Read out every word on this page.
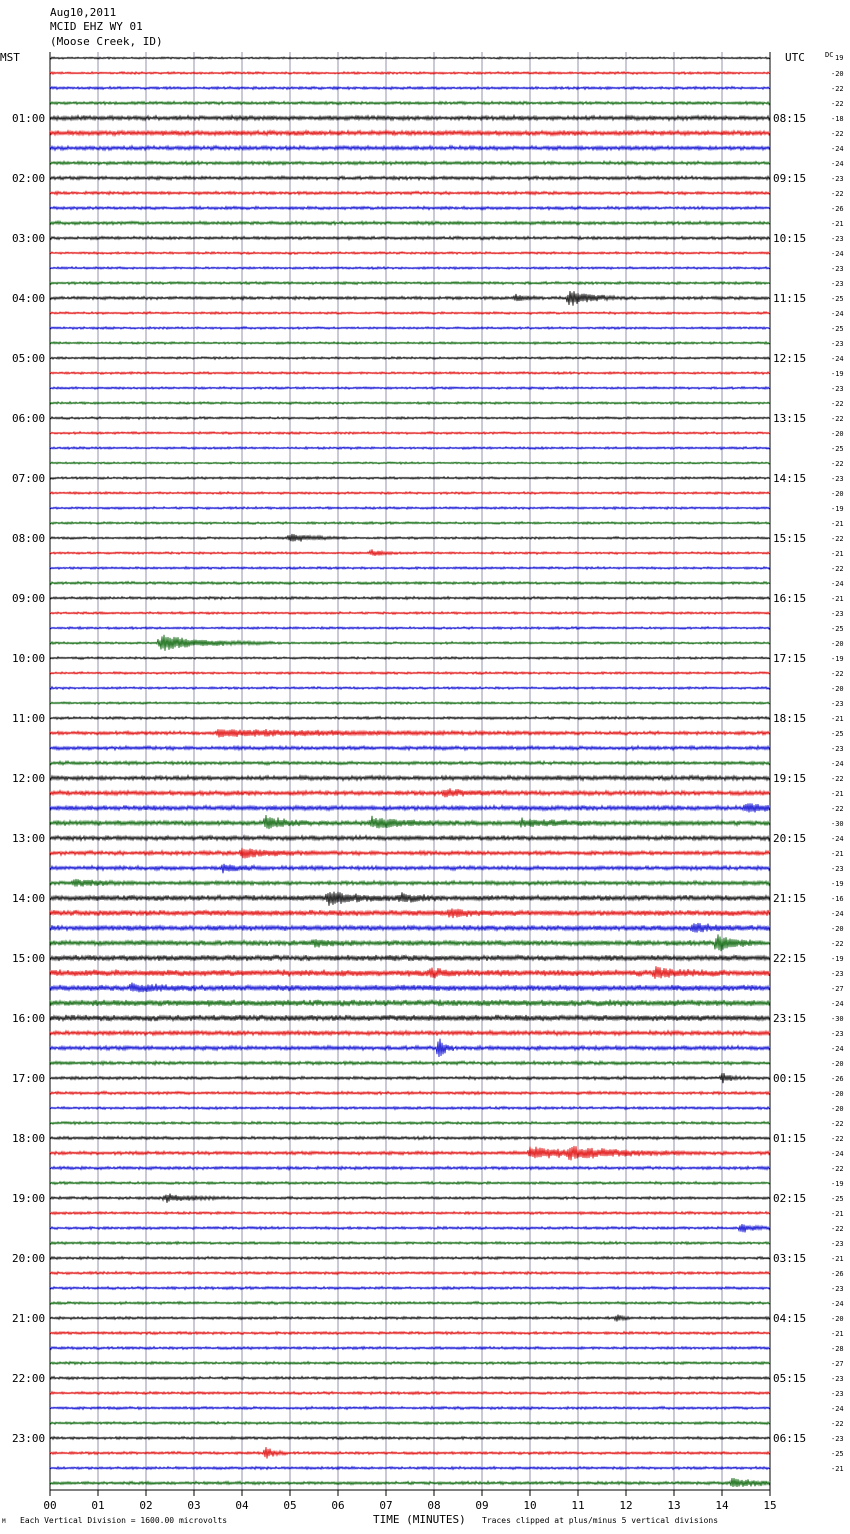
Aug10,2011
MCID EHZ WY 01
(Moose Creek, ID)
MST	UTC	DC
01:00
02:00
03:00
04:00
05:00
06:00
07:00
08:00
09:00
10:00
11:00
12:00
13:00
14:00
15:00
16:00
17:00
18:00
19:00
20:00
21:00
22:00
23:00
08:15
09:15
10:15
11:15
12:15
13:15
14:15
15:15
16:15
17:15
18:15
19:15
20:15
21:15
22:15
23:15
00:15
01:15
02:15
03:15
04:15
05:15
06:15
19
-20
-22
-22
-18
-22
-24
-24
-23
-22
-26
-21
-23
-24
-23
-23
-25
-24
-25
-23
-24
-19
-23
-22
-22
-20
-25
-22
-23
-20
-19
-21
-22
-21
-22
-24
-21
-23
-25
-20
-19
-22
-20
-23
-21
-25
-23
-24
-22
-21
-22
-30
-24
-21
-23
-19
-16
-24
-20
-22
-19
-23
-27
-24
-30
-23
-24
-20
-26
-20
-20
-22
-22
-24
-22
-19
-25
-21
-22
-23
-21
-26
-23
-24
-20
-21
-28
-27
-23
-23
-24
-22
-23
-25
-21
00	01	02	03	04	05	06	07	08	09	10	11	12	13	14	15
M Each Vertical Division = 1600.00 microvolts	TIME (MINUTES) Traces clipped at plus/minus 5 vertical divisions
